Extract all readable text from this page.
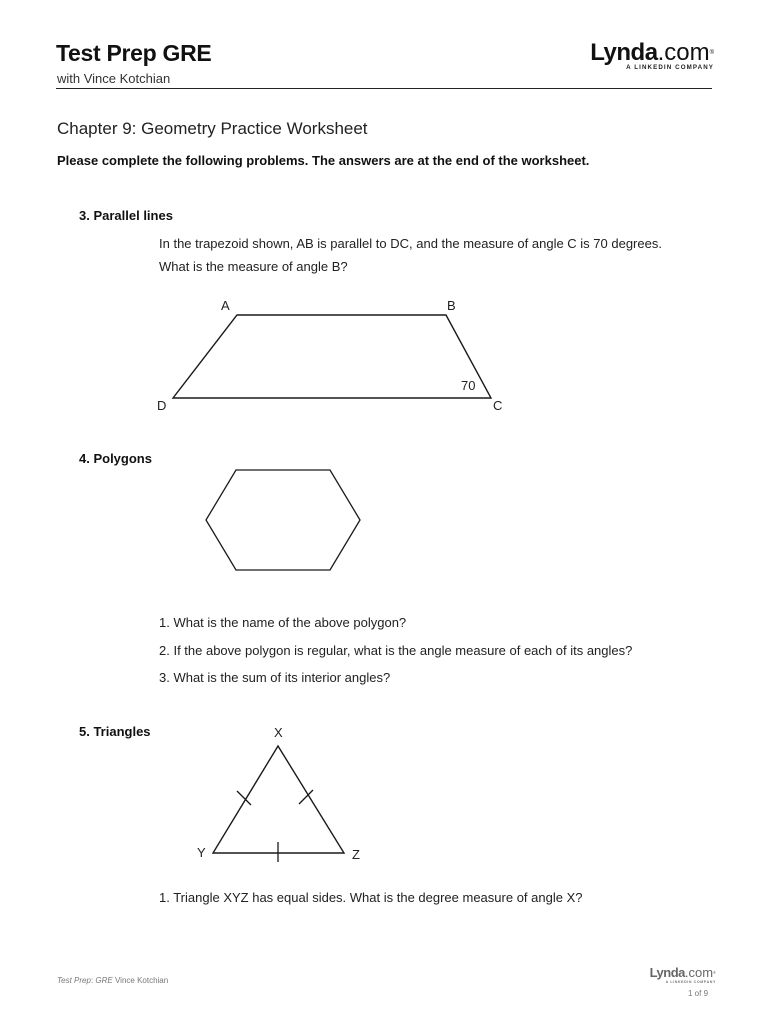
Test Prep GRE
with Vince Kotchian
Lynda.com®
A LINKEDIN COMPANY
Chapter 9: Geometry Practice Worksheet
Please complete the following problems. The answers are at the end of the worksheet.
3. Parallel lines
In the trapezoid shown, AB is parallel to DC, and the measure of angle C is 70 degrees.
What is the measure of angle B?
4. Polygons
1. What is the name of the above polygon?
2. If the above polygon is regular, what is the angle measure of each of its angles?
3. What is the sum of its interior angles?
5. Triangles
1. Triangle XYZ has equal sides. What is the degree measure of angle X?
A	B
C
D
70
X
Y	Z
Test Prep: GRE Vince Kotchian
Lynda.com®
A LINKEDIN COMPANY
1 of 9
